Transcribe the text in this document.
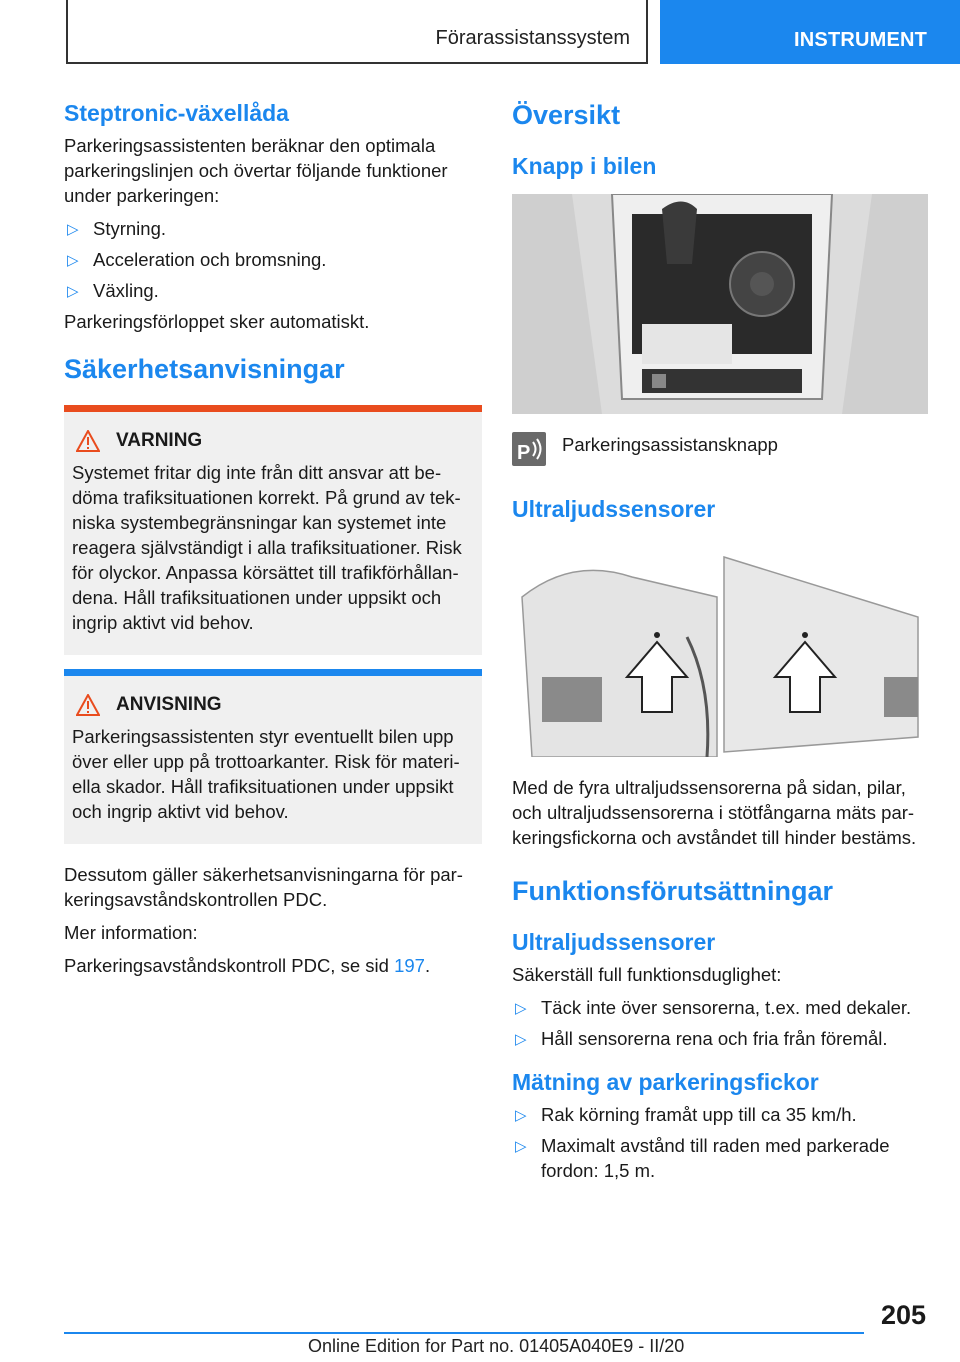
Förarassistanssystem	INSTRUMENT
Steptronic-växellåda

Parkeringsassistenten beräknar den optimala parkeringslinjen och övertar följande funktioner under parkeringen:

▷ Styrning.
▷ Acceleration och bromsning.
▷ Växling.

Parkeringsförloppet sker automatiskt.

Säkerhetsanvisningar
VARNING

Systemet fritar dig inte från ditt ansvar att be- döma trafiksituationen korrekt. På grund av tek- niska systembegränsningar kan systemet inte reagera självständigt i alla trafiksituationer. Risk för olyckor. Anpassa körsättet till trafikförhållan- dena. Håll trafiksituationen under uppsikt och ingrip aktivt vid behov.

ANVISNING

Parkeringsassistenten styr eventuellt bilen upp över eller upp på trottoarkanter. Risk för materi- ella skador. Håll trafiksituationen under uppsikt och ingrip aktivt vid behov.

Dessutom gäller säkerhetsanvisningarna för par- keringsavståndskontrollen PDC.

Mer information:

Parkeringsavståndskontroll PDC, se sid 197.

Översikt
Knapp i bilen
P Parkeringsassistansknapp
Ultraljudssensorer

Med de fyra ultraljudssensorerna på sidan, pilar, och ultraljudssensorerna i stötfångarna mäts par- keringsfickorna och avståndet till hinder bestäms.

Funktionsförutsättningar
Ultraljudssensorer

Säkerställ full funktionsduglighet:

▷ Täck inte över sensorerna, t.ex. med dekaler.
▷ Håll sensorerna rena och fria från föremål.
Mätning av parkeringsfickor
▷ Rak körning framåt upp till ca 35 km/h.
▷ Maximalt avstånd till raden med parkerade fordon: 1,5 m.
205
Online Edition for Part no. 01405A040E9 - II/20
